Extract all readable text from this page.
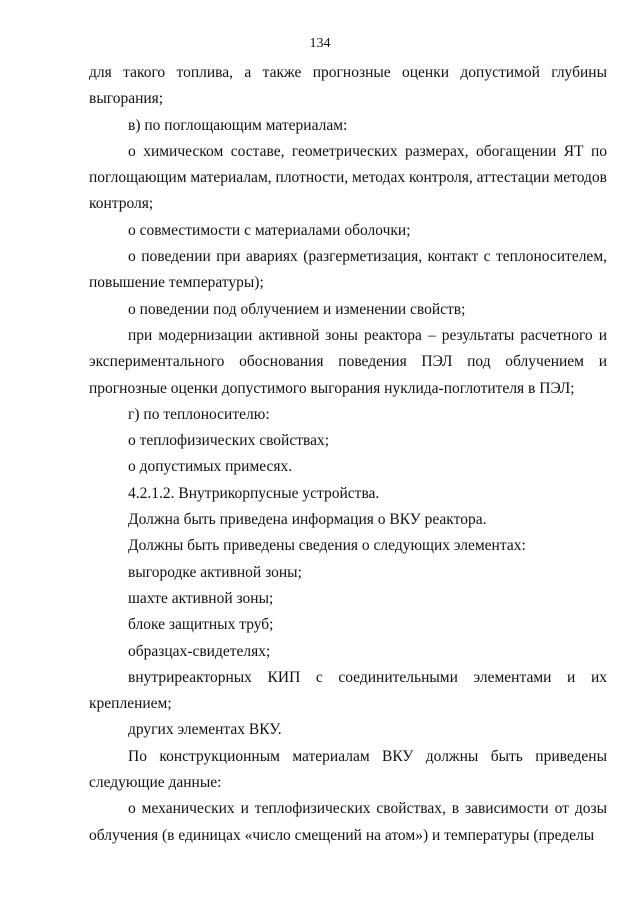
134

для такого топлива, а также прогнозные оценки допустимой глубины выгорания;

в) по поглощающим материалам:

о химическом составе, геометрических размерах, обогащении ЯТ по поглощающим материалам, плотности, методах контроля, аттестации методов контроля;

о совместимости с материалами оболочки;

о поведении при авариях (разгерметизация, контакт с теплоносителем, повышение температуры);

о поведении под облучением и изменении свойств;

при модернизации активной зоны реактора – результаты расчетного и экспериментального обоснования поведения ПЭЛ под облучением и прогнозные оценки допустимого выгорания нуклида-поглотителя в ПЭЛ;

г) по теплоносителю:

о теплофизических свойствах;

о допустимых примесях.

4.2.1.2. Внутрикорпусные устройства.

Должна быть приведена информация о ВКУ реактора.

Должны быть приведены сведения о следующих элементах:

выгородке активной зоны;

шахте активной зоны;

блоке защитных труб;

образцах-свидетелях;

внутриреакторных КИП с соединительными элементами и их креплением;

других элементах ВКУ.

По конструкционным материалам ВКУ должны быть приведены следующие данные:

о механических и теплофизических свойствах, в зависимости от дозы облучения (в единицах «число смещений на атом») и температуры (пределы
